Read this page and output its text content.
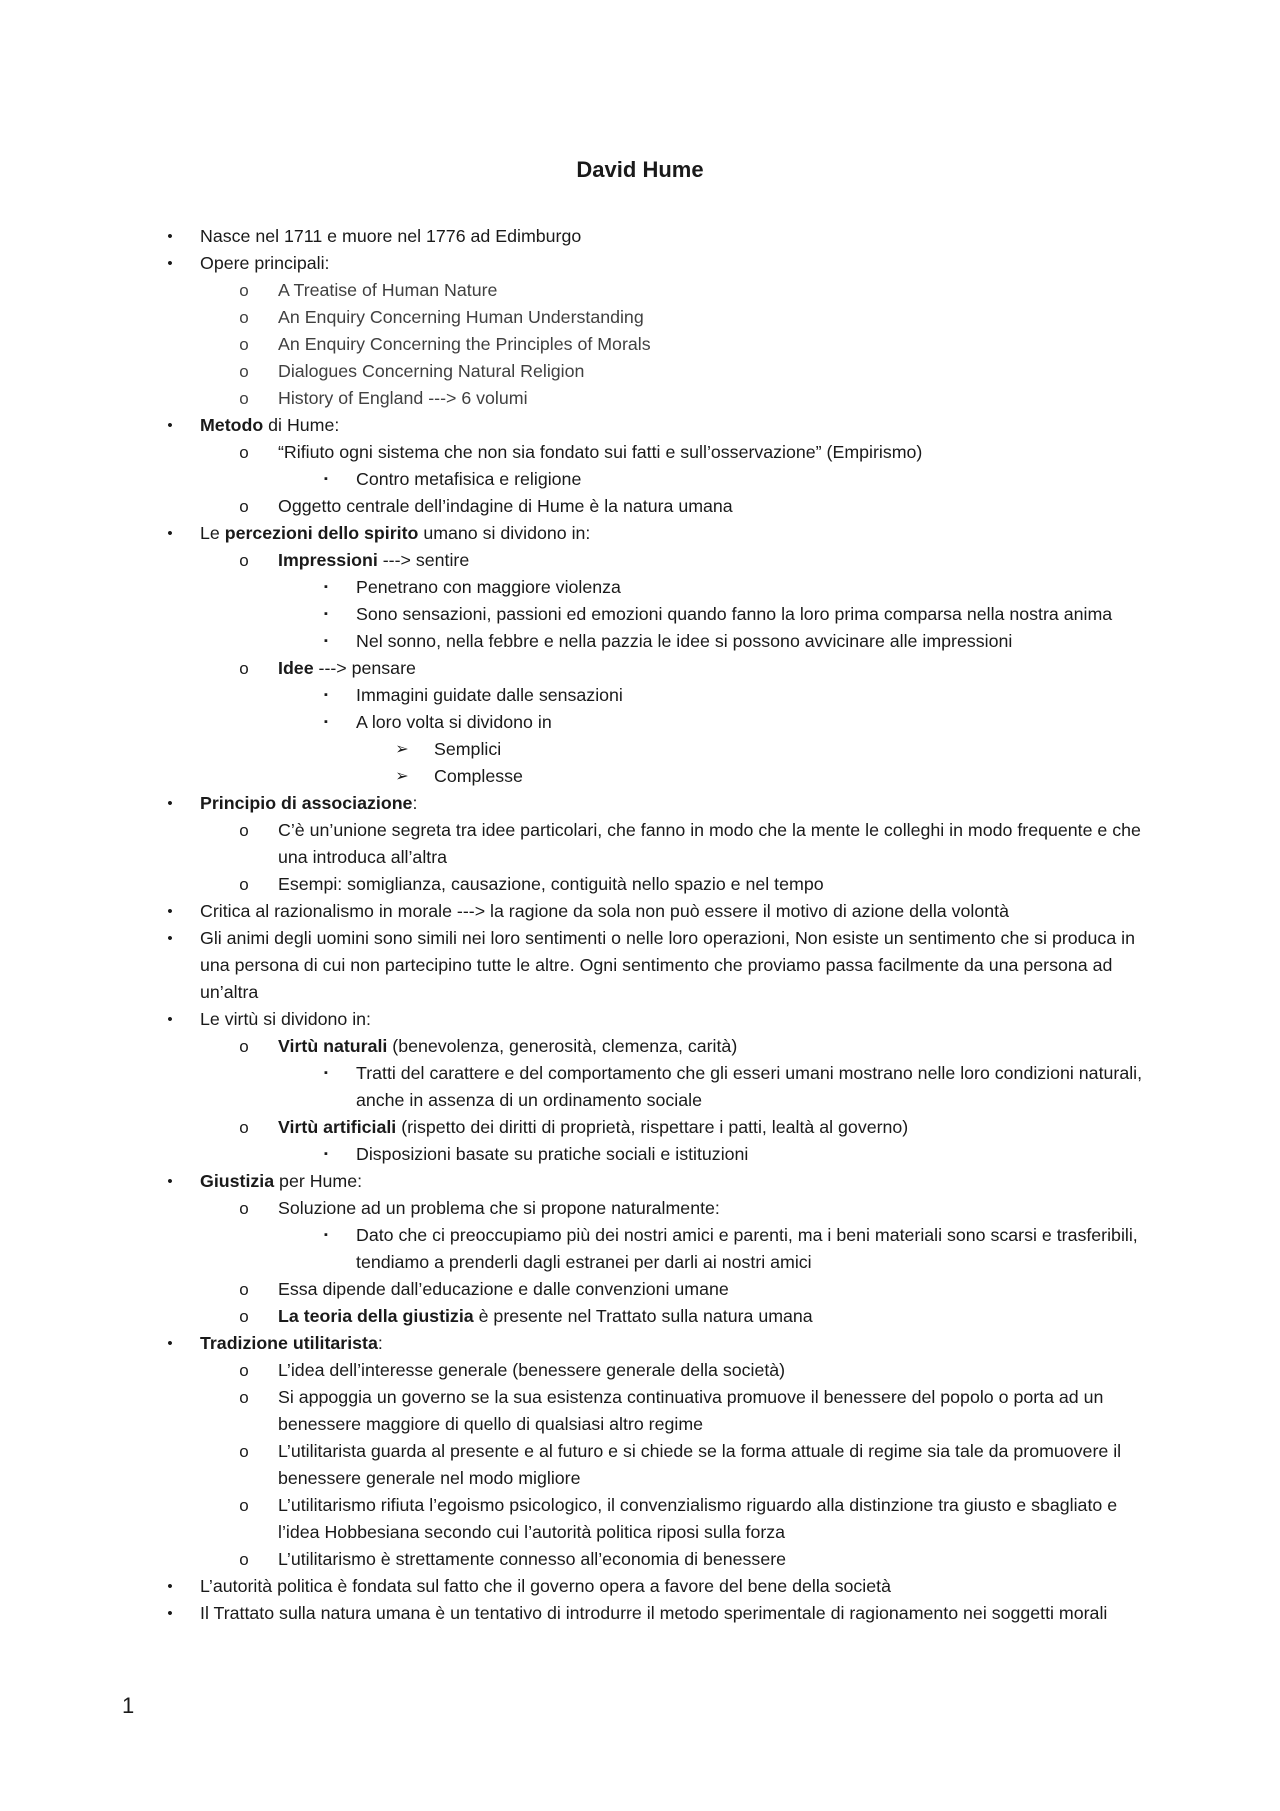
David Hume
• Nasce nel 1711 e muore nel 1776 ad Edimburgo
• Opere principali:
o A Treatise of Human Nature
o An Enquiry Concerning Human Understanding
o An Enquiry Concerning the Principles of Morals
o Dialogues Concerning Natural Religion
o History of England ---> 6 volumi
• Metodo di Hume:
o “Rifiuto ogni sistema che non sia fondato sui fatti e sull’osservazione” (Empirismo)
▪ Contro metafisica e religione
o Oggetto centrale dell’indagine di Hume è la natura umana
• Le percezioni dello spirito umano si dividono in:
o Impressioni ---> sentire
▪ Penetrano con maggiore violenza
▪ Sono sensazioni, passioni ed emozioni quando fanno la loro prima comparsa nella nostra anima
▪ Nel sonno, nella febbre e nella pazzia le idee si possono avvicinare alle impressioni
o Idee ---> pensare
▪ Immagini guidate dalle sensazioni
▪ A loro volta si dividono in
➢ Semplici
➢ Complesse
• Principio di associazione:
o C’è un’unione segreta tra idee particolari, che fanno in modo che la mente le colleghi in modo frequente e che una introduca all’altra
o Esempi: somiglianza, causazione, contiguità nello spazio e nel tempo
• Critica al razionalismo in morale ---> la ragione da sola non può essere il motivo di azione della volontà
• Gli animi degli uomini sono simili nei loro sentimenti o nelle loro operazioni, Non esiste un sentimento che si produca in una persona di cui non partecipino tutte le altre. Ogni sentimento che proviamo passa facilmente da una persona ad un’altra
• Le virtù si dividono in:
o Virtù naturali (benevolenza, generosità, clemenza, carità)
▪ Tratti del carattere e del comportamento che gli esseri umani mostrano nelle loro condizioni naturali, anche in assenza di un ordinamento sociale
o Virtù artificiali (rispetto dei diritti di proprietà, rispettare i patti, lealtà al governo)
▪ Disposizioni basate su pratiche sociali e istituzioni
• Giustizia per Hume:
o Soluzione ad un problema che si propone naturalmente:
▪ Dato che ci preoccupiamo più dei nostri amici e parenti, ma i beni materiali sono scarsi e trasferibili, tendiamo a prenderli dagli estranei per darli ai nostri amici
o Essa dipende dall’educazione e dalle convenzioni umane
o La teoria della giustizia è presente nel Trattato sulla natura umana
• Tradizione utilitarista:
o L’idea dell’interesse generale (benessere generale della società)
o Si appoggia un governo se la sua esistenza continuativa promuove il benessere del popolo o porta ad un benessere maggiore di quello di qualsiasi altro regime
o L’utilitarista guarda al presente e al futuro e si chiede se la forma attuale di regime sia tale da promuovere il benessere generale nel modo migliore
o L’utilitarismo rifiuta l’egoismo psicologico, il convenzialismo riguardo alla distinzione tra giusto e sbagliato e l’idea Hobbesiana secondo cui l’autorità politica riposi sulla forza
o L’utilitarismo è strettamente connesso all’economia di benessere
• L’autorità politica è fondata sul fatto che il governo opera a favore del bene della società
• Il Trattato sulla natura umana è un tentativo di introdurre il metodo sperimentale di ragionamento nei soggetti morali
1
